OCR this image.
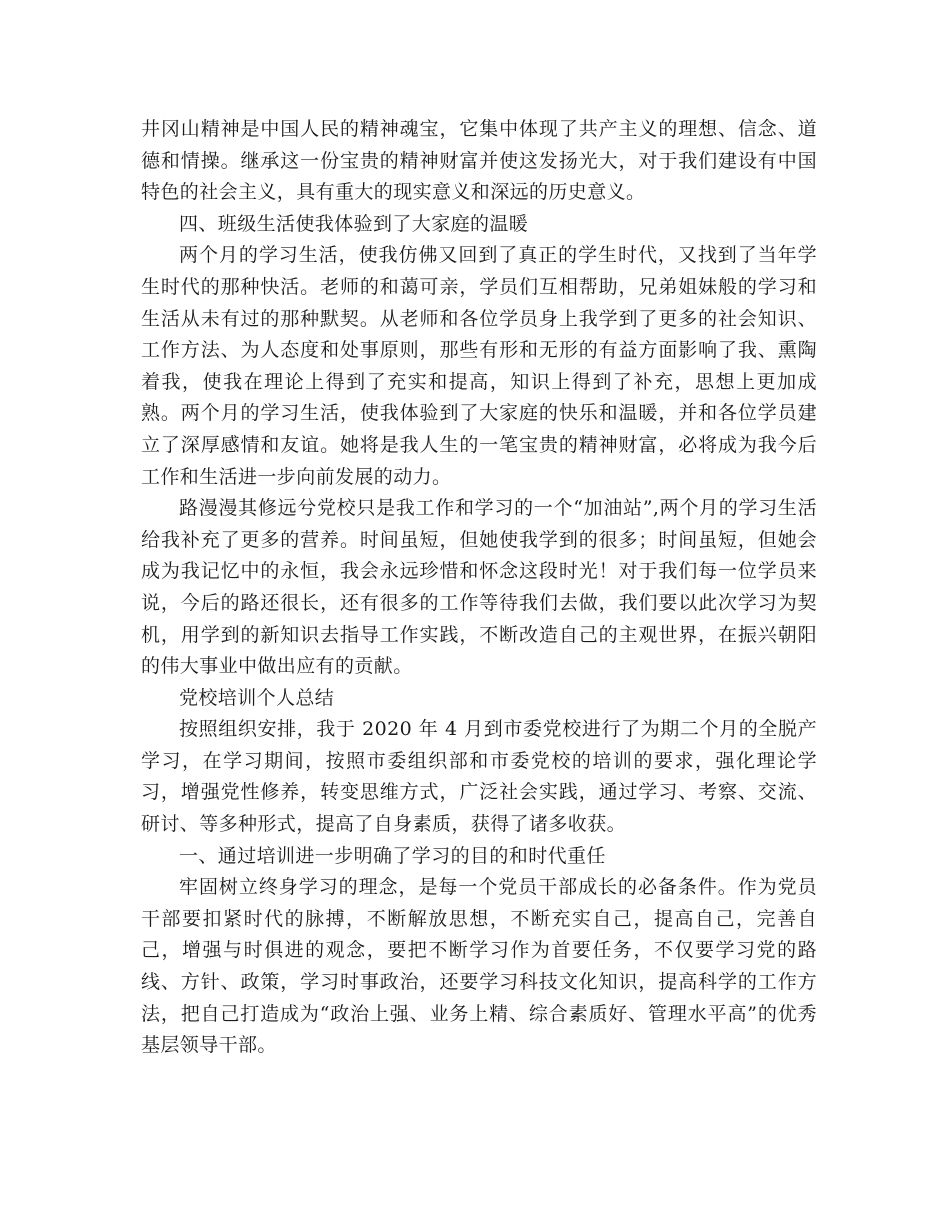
井冈山精神是中国人民的精神魂宝，它集中体现了共产主义的理想、信念、道德和情操。继承这一份宝贵的精神财富并使这发扬光大，对于我们建设有中国特色的社会主义，具有重大的现实意义和深远的历史意义。

四、班级生活使我体验到了大家庭的温暖

两个月的学习生活，使我仿佛又回到了真正的学生时代，又找到了当年学生时代的那种快活。老师的和蔼可亲，学员们互相帮助，兄弟姐妹般的学习和生活从未有过的那种默契。从老师和各位学员身上我学到了更多的社会知识、工作方法、为人态度和处事原则，那些有形和无形的有益方面影响了我、熏陶着我，使我在理论上得到了充实和提高，知识上得到了补充，思想上更加成熟。两个月的学习生活，使我体验到了大家庭的快乐和温暖，并和各位学员建立了深厚感情和友谊。她将是我人生的一笔宝贵的精神财富，必将成为我今后工作和生活进一步向前发展的动力。

路漫漫其修远兮党校只是我工作和学习的一个“加油站”,两个月的学习生活给我补充了更多的营养。时间虽短，但她使我学到的很多；时间虽短，但她会成为我记忆中的永恒，我会永远珍惜和怀念这段时光！对于我们每一位学员来说，今后的路还很长，还有很多的工作等待我们去做，我们要以此次学习为契机，用学到的新知识去指导工作实践，不断改造自己的主观世界，在振兴朝阳的伟大事业中做出应有的贡献。

党校培训个人总结

按照组织安排，我于 2020 年 4 月到市委党校进行了为期二个月的全脱产学习，在学习期间，按照市委组织部和市委党校的培训的要求，强化理论学习，增强党性修养，转变思维方式，广泛社会实践，通过学习、考察、交流、研讨、等多种形式，提高了自身素质，获得了诸多收获。

一、通过培训进一步明确了学习的目的和时代重任

牢固树立终身学习的理念，是每一个党员干部成长的必备条件。作为党员干部要扣紧时代的脉搏，不断解放思想，不断充实自己，提高自己，完善自己，增强与时俱进的观念，要把不断学习作为首要任务，不仅要学习党的路线、方针、政策，学习时事政治，还要学习科技文化知识，提高科学的工作方法，把自己打造成为“政治上强、业务上精、综合素质好、管理水平高”的优秀基层领导干部。
